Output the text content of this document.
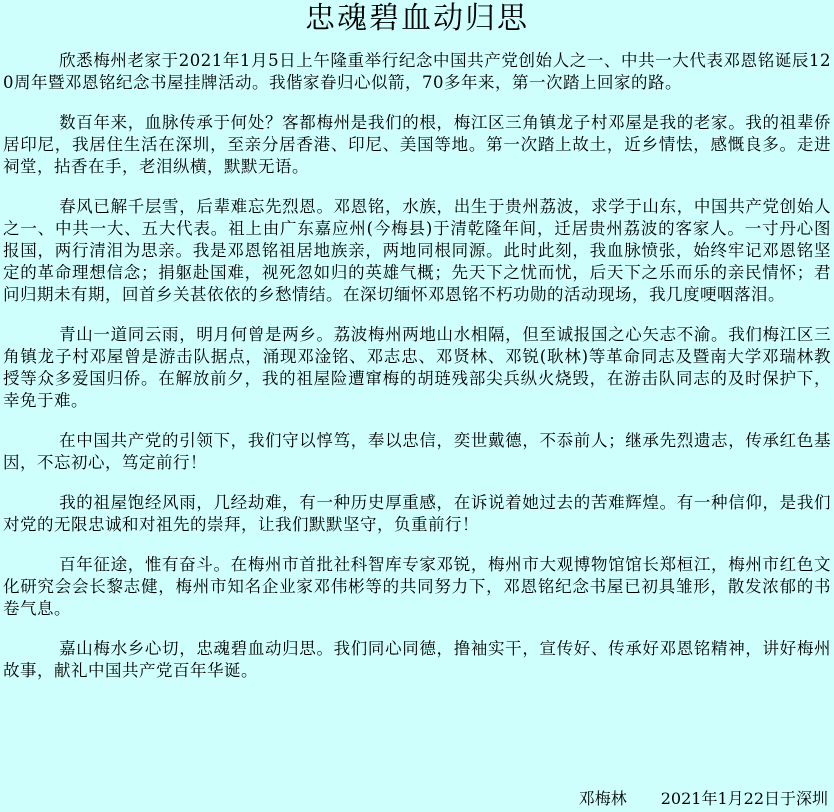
忠魂碧血动归思

欣悉梅州老家于2021年1月5日上午隆重举行纪念中国共产党创始人之一、中共一大代表邓恩铭诞辰120周年暨邓恩铭纪念书屋挂牌活动。我偕家眷归心似箭，70多年来，第一次踏上回家的路。

数百年来，血脉传承于何处？客都梅州是我们的根，梅江区三角镇龙子村邓屋是我的老家。我的祖辈侨居印尼，我居住生活在深圳，至亲分居香港、印尼、美国等地。第一次踏上故土，近乡情怯，感慨良多。走进祠堂，拈香在手，老泪纵横，默默无语。

春风已解千层雪，后辈难忘先烈恩。邓恩铭，水族，出生于贵州荔波，求学于山东，中国共产党创始人之一、中共一大、五大代表。祖上由广东嘉应州(今梅县)于清乾隆年间，迁居贵州荔波的客家人。一寸丹心图报国，两行清泪为思亲。我是邓恩铭祖居地族亲，两地同根同源。此时此刻，我血脉愤张，始终牢记邓恩铭坚定的革命理想信念；捐躯赴国难，视死忽如归的英雄气概；先天下之忧而忧，后天下之乐而乐的亲民情怀；君问归期未有期，回首乡关甚依依的乡愁情结。在深切缅怀邓恩铭不朽功勋的活动现场，我几度哽咽落泪。

青山一道同云雨，明月何曾是两乡。荔波梅州两地山水相隔，但至诚报国之心矢志不渝。我们梅江区三角镇龙子村邓屋曾是游击队据点，涌现邓淦铭、邓志忠、邓贤林、邓锐(耿林)等革命同志及暨南大学邓瑞林教授等众多爱国归侨。在解放前夕，我的祖屋险遭窜梅的胡琏残部尖兵纵火烧毁，在游击队同志的及时保护下，幸免于难。

在中国共产党的引领下，我们守以惇笃，奉以忠信，奕世戴德，不忝前人；继承先烈遗志，传承红色基因，不忘初心，笃定前行！

我的祖屋饱经风雨，几经劫难，有一种历史厚重感，在诉说着她过去的苦难辉煌。有一种信仰，是我们对党的无限忠诚和对祖先的崇拜，让我们默默坚守，负重前行！

百年征途，惟有奋斗。在梅州市首批社科智库专家邓锐，梅州市大观博物馆馆长郑桓江，梅州市红色文化研究会会长黎志健，梅州市知名企业家邓伟彬等的共同努力下，邓恩铭纪念书屋已初具雏形，散发浓郁的书卷气息。

嘉山梅水乡心切，忠魂碧血动归思。我们同心同德，撸袖实干，宣传好、传承好邓恩铭精神，讲好梅州故事，献礼中国共产党百年华诞。

邓梅林 2021年1月22日于深圳
